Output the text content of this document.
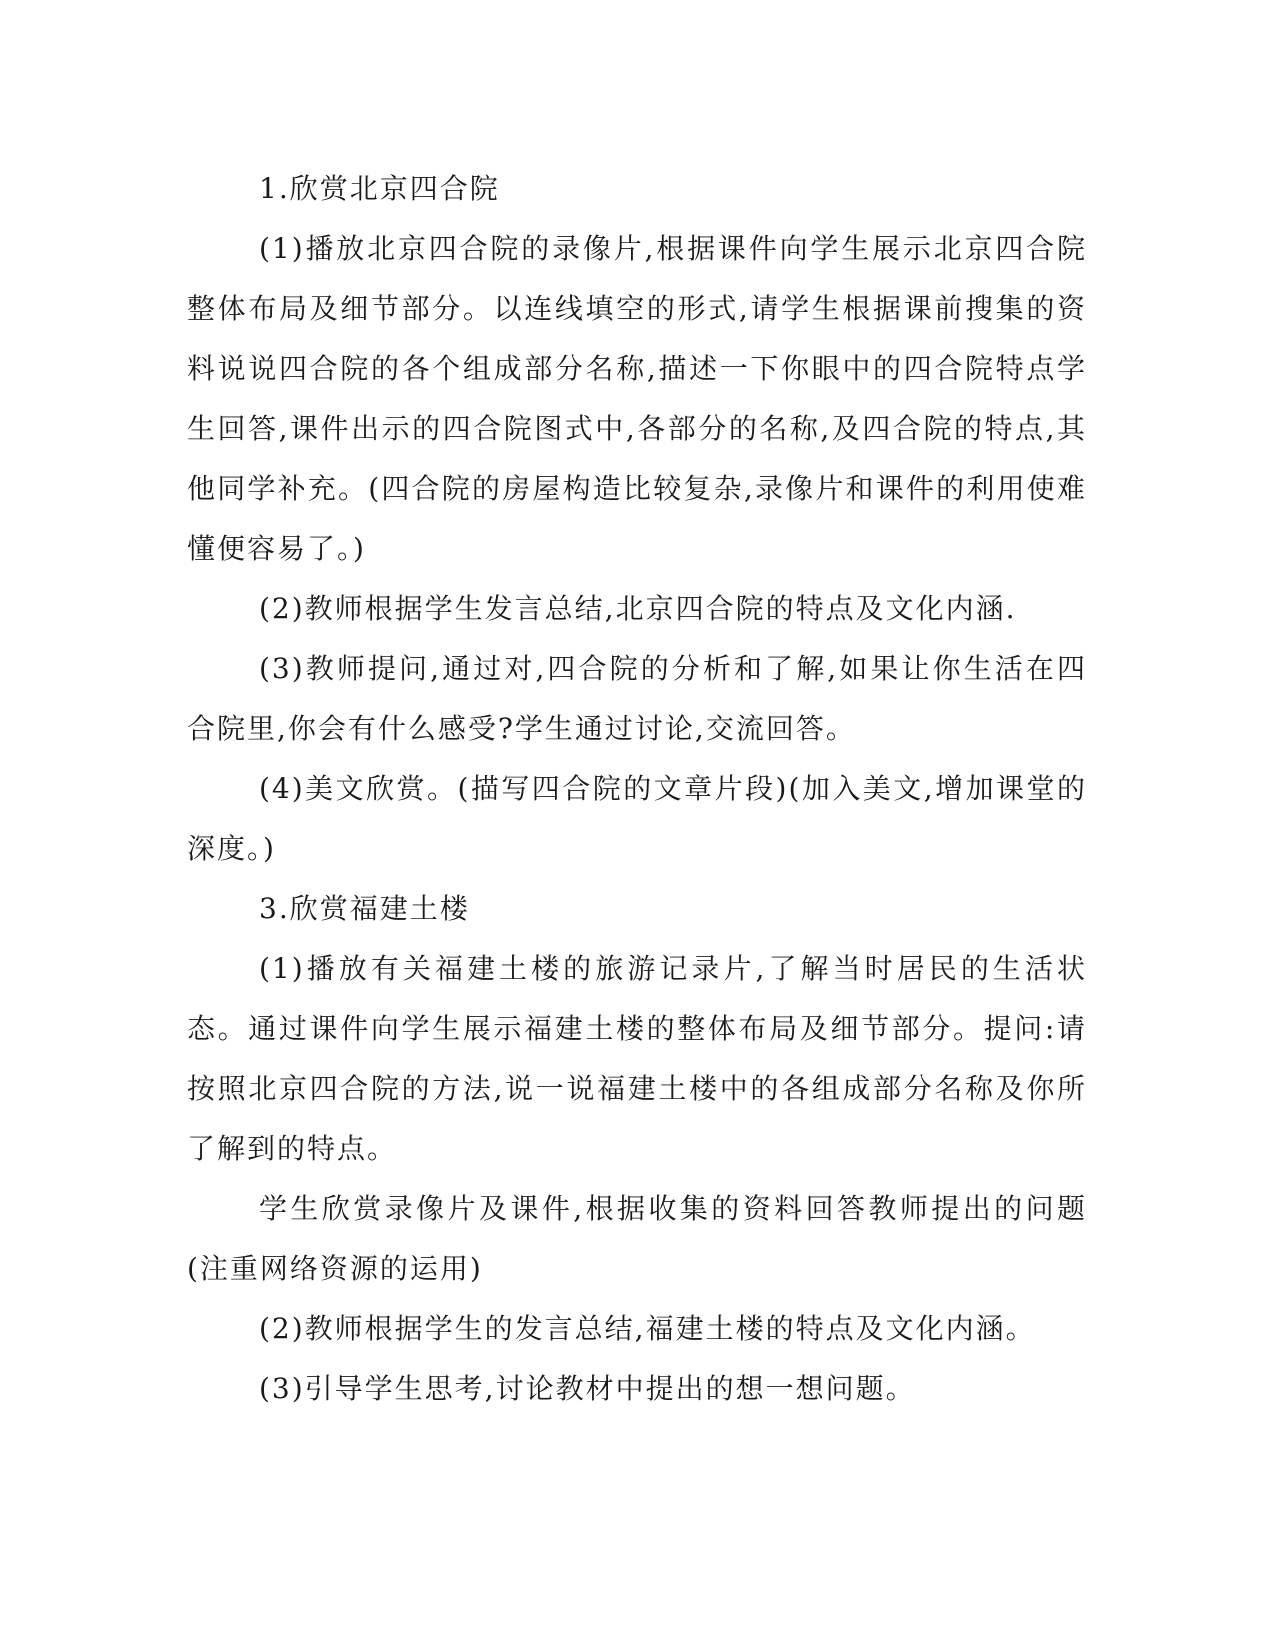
1.欣赏北京四合院

(1)播放北京四合院的录像片,根据课件向学生展示北京四合院整体布局及细节部分。以连线填空的形式,请学生根据课前搜集的资料说说四合院的各个组成部分名称,描述一下你眼中的四合院特点学生回答,课件出示的四合院图式中,各部分的名称,及四合院的特点,其他同学补充。(四合院的房屋构造比较复杂,录像片和课件的利用使难懂便容易了。)

(2)教师根据学生发言总结,北京四合院的特点及文化内涵.

(3)教师提问,通过对,四合院的分析和了解,如果让你生活在四合院里,你会有什么感受?学生通过讨论,交流回答。

(4)美文欣赏。(描写四合院的文章片段)(加入美文,增加课堂的深度。)

3.欣赏福建土楼

(1)播放有关福建土楼的旅游记录片,了解当时居民的生活状态。通过课件向学生展示福建土楼的整体布局及细节部分。提问:请按照北京四合院的方法,说一说福建土楼中的各组成部分名称及你所了解到的特点。

学生欣赏录像片及课件,根据收集的资料回答教师提出的问题(注重网络资源的运用)

(2)教师根据学生的发言总结,福建土楼的特点及文化内涵。

(3)引导学生思考,讨论教材中提出的想一想问题。
